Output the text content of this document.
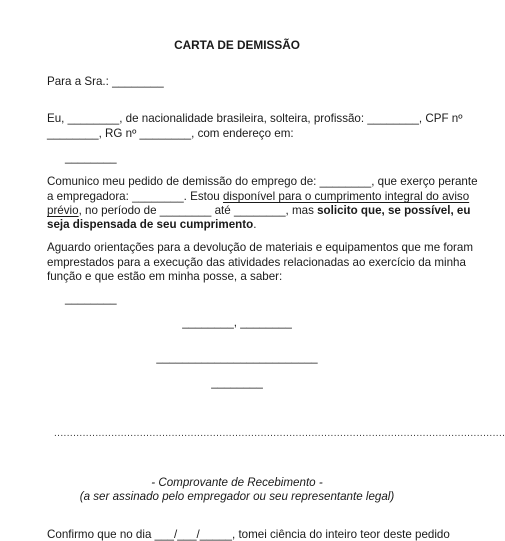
CARTA DE DEMISSÃO
Para a Sra.: ________
Eu, ________, de nacionalidade brasileira, solteira, profissão: ________, CPF nº
________, RG nº ________, com endereço em:
________
Comunico meu pedido de demissão do emprego de: ________, que exerço perante
a empregadora: ________. Estou disponível para o cumprimento integral do aviso
prévio, no período de ________ até ________, mas solicito que, se possível, eu
seja dispensada de seu cumprimento.
Aguardo orientações para a devolução de materiais e equipamentos que me foram
emprestados para a execução das atividades relacionadas ao exercício da minha
função e que estão em minha posse, a saber:
________
________, ________
_________________________
________
..............................................................................................................................................
- Comprovante de Recebimento -
(a ser assinado pelo empregador ou seu representante legal)
Confirmo que no dia ___/___/_____, tomei ciência do inteiro teor deste pedido
